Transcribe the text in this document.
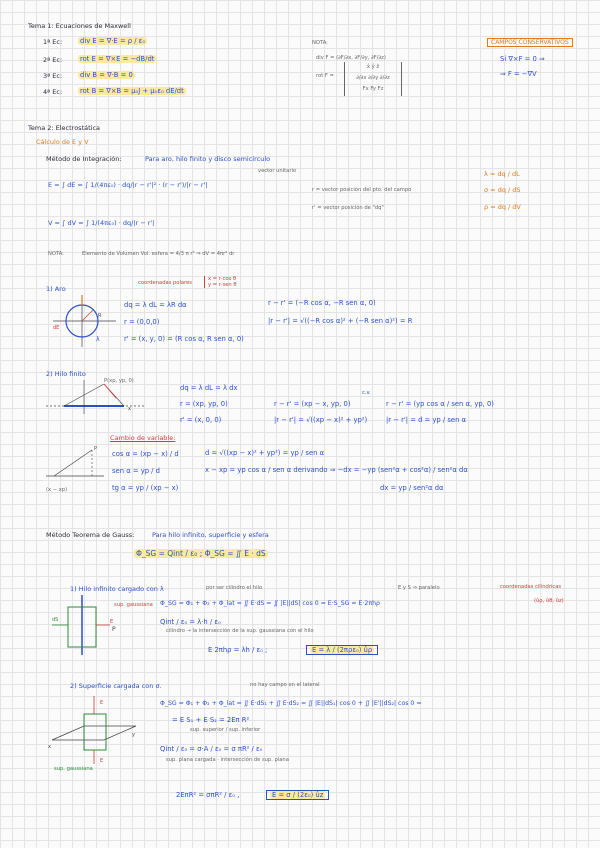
Tema 1: Ecuaciones de Maxwell
1ª Ec:	div E = ∇·E = ρ / ε₀
2ª Ec:	rot E = ∇×E = −dB/dt
3ª Ec:	div B = ∇·B = 0
4ª Ec:	rot B = ∇×B = μ₀J + μ₀ε₀ dE/dt
NOTA:
div F = (∂F/∂x, ∂F/∂y, ∂F/∂z)
rot F =
x̂ ŷ ẑ
∂/∂x ∂/∂y ∂/∂z
Fx Fy Fz
CAMPOS CONSERVATIVOS
Si ∇×F = 0 ⇒
⇒ F = −∇V
Tema 2: Electrostática
Cálculo de E y V
Método de Integración:	Para aro, hilo finito y disco semicírculo
E = ∫ dE = ∫ 1/(4πε₀) · dq/|r − r'|² · (r − r')/|r − r'|
vector unitario
r = vector posición del pto. del campo
r' = vector posición de "dq"
V = ∫ dV = ∫ 1/(4πε₀) · dq/|r − r'|
λ = dq / dL
σ = dq / dS
ρ = dq / dV
NOTA:	Elemento de Volumen Vol. esfera = 4/3 π r³ ⇒ dV = 4πr² dr
1) Aro
dE
λ
R
coordenadas polares
x = r·cos θ
y = r·sen θ
dq = λ dL = λR dα
r = (0,0,0)
r' = (x, y, 0) = (R cos α, R sen α, 0)
r − r' = (−R cos α, −R sen α, 0)
|r − r'| = √((−R cos α)² + (−R sen α)²) = R
2) Hilo finito
x
P(xp, yp, 0)
dq = λ dL = λ dx
r = (xp, yp, 0)
r' = (x, 0, 0)
r − r' = (xp − x, yp, 0)
|r − r'| = √((xp − x)² + yp²)
c.v.
r − r' = (yp cos α / sen α, yp, 0)
|r − r'| = d = yp / sen α
Cambio de variable:
P
(x − xp)
cos α = (xp − x) / d
sen α = yp / d
tg α = yp / (xp − x)
d = √((xp − x)² + yp²) = yp / sen α
x − xp = yp cos α / sen α derivando ⇒ −dx = −yp (sen²α + cos²α) / sen²α dα
dx = yp / sen²α dα
Método Teorema de Gauss:	Para hilo infinito, superficie y esfera
Φ_SG = Qint / ε₀ ; Φ_SG = ∬ E · dS
1) Hilo infinito cargado con λ	por ser cilindro el hilo	E y S ⇒ paralelo	coordenadas cilíndricas
(ûρ, ûθ, ûz)
E
dS
P
sup. gaussiana Φ_SG = Φ₁ + Φ₂ + Φ_lat = ∬ E·dS = ∬ |E||dS| cos 0 = E·S_SG = E·2πhρ
Qint / ε₀ = λ·h / ε₀
cilindro → la intersección de la sup. gaussiana con el hilo
E 2πhρ = λh / ε₀ ;	E = λ / (2πρε₀) ûρ
2) Superficie cargada con σ.	no hay campo en el lateral
E
E
x
y
sup. gaussiana
Φ_SG = Φ₁ + Φ₂ + Φ_lat = ∬ E·dS₁ + ∬ E·dS₂ = ∬ |E||dS₁| cos 0 + ∬ |E'||dS₂| cos 0 =
= E S₁ + E S₂ = 2Eπ R²
sup. superior / sup. inferior
Qint / ε₀ = σ·A / ε₀ = σ πR² / ε₀
sup. plana cargada · intersección de sup. plana
2EπR² = σπR² / ε₀ ,	E = σ / (2ε₀) ûz
